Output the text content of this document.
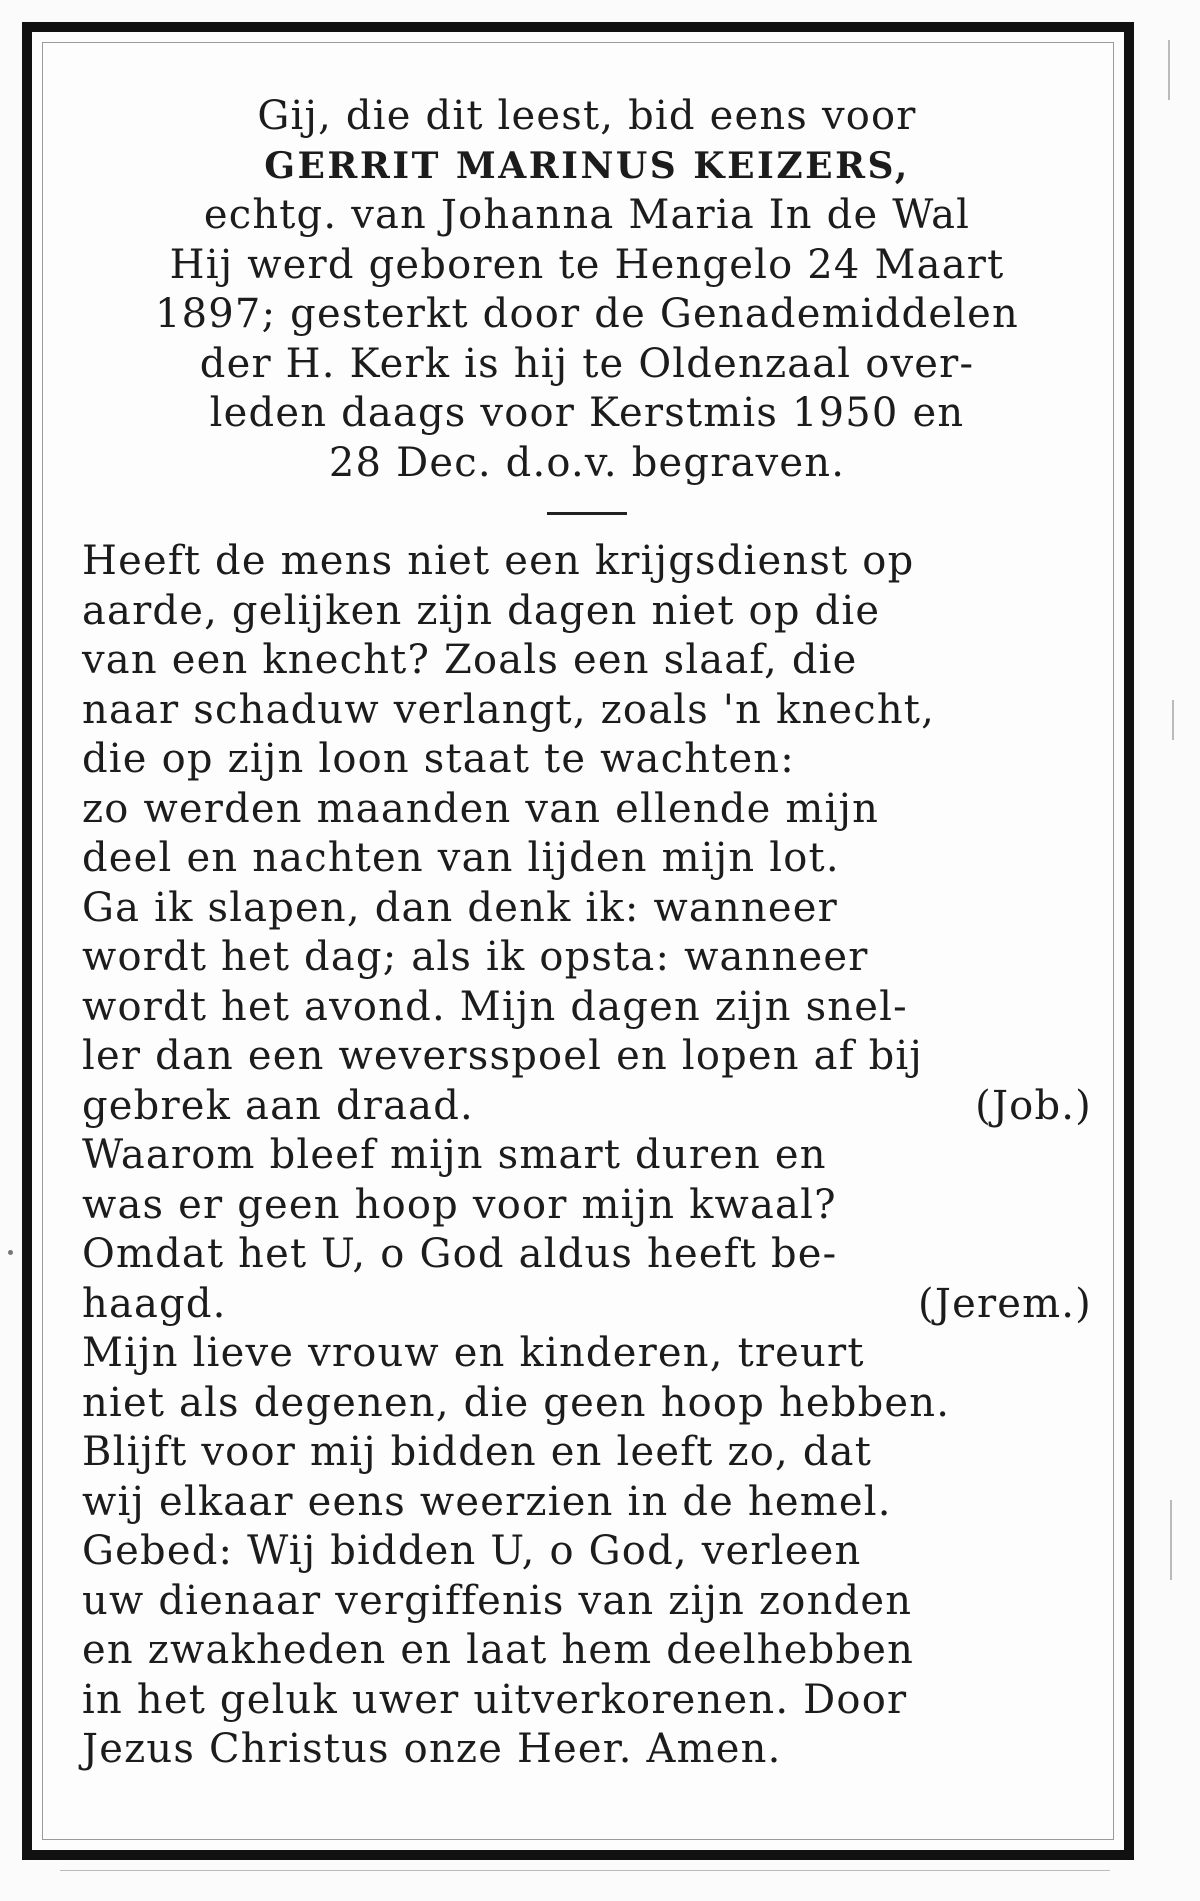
Gij, die dit leest, bid eens voor
GERRIT MARINUS KEIZERS,
echtg. van Johanna Maria In de Wal
Hij werd geboren te Hengelo 24 Maart
1897; gesterkt door de Genademiddelen
der H. Kerk is hij te Oldenzaal over-
leden daags voor Kerstmis 1950 en
28 Dec. d.o.v. begraven.
Heeft de mens niet een krijgsdienst op
aarde, gelijken zijn dagen niet op die
van een knecht? Zoals een slaaf, die
naar schaduw verlangt, zoals 'n knecht,
die op zijn loon staat te wachten:
zo werden maanden van ellende mijn
deel en nachten van lijden mijn lot.
Ga ik slapen, dan denk ik: wanneer
wordt het dag; als ik opsta: wanneer
wordt het avond. Mijn dagen zijn snel-
ler dan een weversspoel en lopen af bij
gebrek aan draad.	(Job.)
Waarom bleef mijn smart duren en
was er geen hoop voor mijn kwaal?
Omdat het U, o God aldus heeft be-
haagd.	(Jerem.)
Mijn lieve vrouw en kinderen, treurt
niet als degenen, die geen hoop hebben.
Blijft voor mij bidden en leeft zo, dat
wij elkaar eens weerzien in de hemel.
Gebed: Wij bidden U, o God, verleen
uw dienaar vergiffenis van zijn zonden
en zwakheden en laat hem deelhebben
in het geluk uwer uitverkorenen. Door
Jezus Christus onze Heer. Amen.
